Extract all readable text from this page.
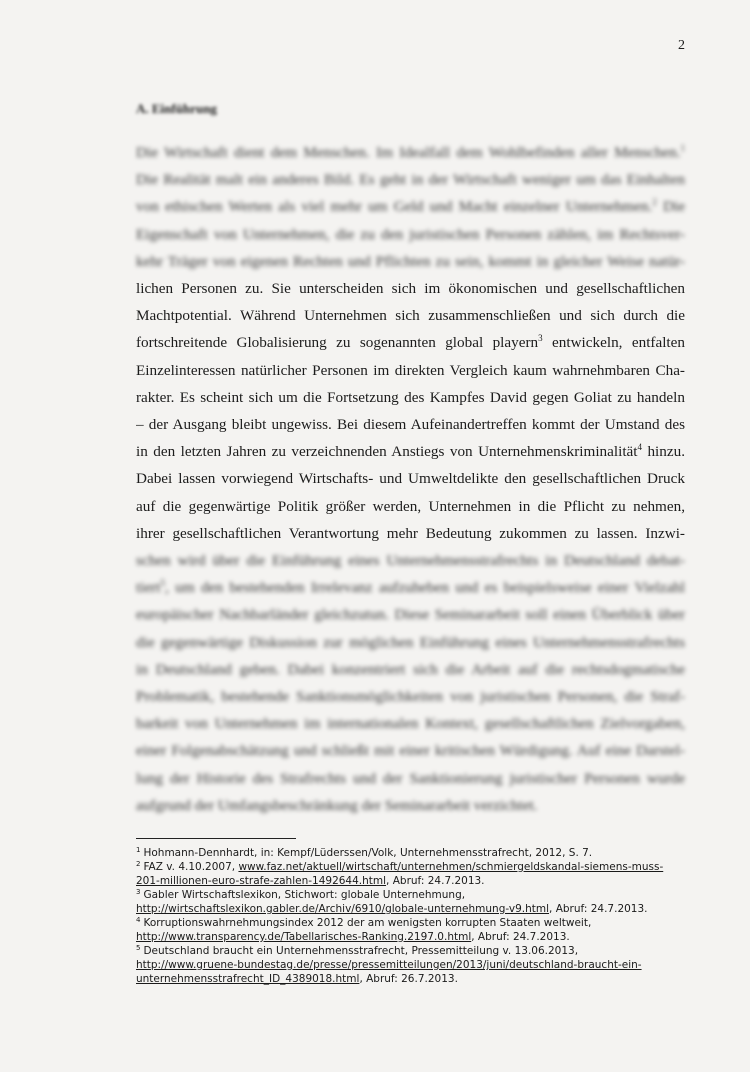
2
A. Einführung
Die Wirtschaft dient dem Menschen. Im Idealfall dem Wohlbefinden aller Menschen.$^1$
Die Realität malt ein anderes Bild. Es geht in der Wirtschaft weniger um das Einhalten
von ethischen Werten als viel mehr um Geld und Macht einzelner Unternehmen.$^2$ Die
Eigenschaft von Unternehmen, die zu den juristischen Personen zählen, im Rechtsver-
kehr Träger von eigenen Rechten und Pflichten zu sein, kommt in gleicher Weise natür-
lichen Personen zu. Sie unterscheiden sich im ökonomischen und gesellschaftlichen
Machtpotential. Während Unternehmen sich zusammenschließen und sich durch die
fortschreitende Globalisierung zu sogenannten global playern$^3$ entwickeln, entfalten
Einzelinteressen natürlicher Personen im direkten Vergleich kaum wahrnehmbaren Cha-
rakter. Es scheint sich um die Fortsetzung des Kampfes David gegen Goliat zu handeln
– der Ausgang bleibt ungewiss. Bei diesem Aufeinandertreffen kommt der Umstand des
in den letzten Jahren zu verzeichnenden Anstiegs von Unternehmenskriminalität$^4$ hinzu.
Dabei lassen vorwiegend Wirtschafts- und Umweltdelikte den gesellschaftlichen Druck
auf die gegenwärtige Politik größer werden, Unternehmen in die Pflicht zu nehmen,
ihrer gesellschaftlichen Verantwortung mehr Bedeutung zukommen zu lassen. Inzwi-
schen wird über die Einführung eines Unternehmensstrafrechts in Deutschland debat-
tiert$^5$, um den bestehenden Irrelevanz aufzuheben und es beispielsweise einer Vielzahl
europäischer Nachbarländer gleichzutun. Diese Seminararbeit soll einen Überblick über
die gegenwärtige Diskussion zur möglichen Einführung eines Unternehmensstrafrechts
in Deutschland geben. Dabei konzentriert sich die Arbeit auf die rechtsdogmatische
Problematik, bestehende Sanktionsmöglichkeiten von juristischen Personen, die Straf-
barkeit von Unternehmen im internationalen Kontext, gesellschaftlichen Zielvorgaben,
einer Folgenabschätzung und schließt mit einer kritischen Würdigung. Auf eine Darstel-
lung der Historie des Strafrechts und der Sanktionierung juristischer Personen wurde
aufgrund der Umfangsbeschränkung der Seminararbeit verzichtet.
$^1$ Hohmann-Dennhardt, in: Kempf/Lüderssen/Volk, Unternehmensstrafrecht, 2012, S. 7.
$^2$ FAZ v. 4.10.2007, www.faz.net/aktuell/wirtschaft/unternehmen/schmiergeldskandal-siemens-muss-
201-millionen-euro-strafe-zahlen-1492644.html, Abruf: 24.7.2013.
$^3$ Gabler Wirtschaftslexikon, Stichwort: globale Unternehmung,
http://wirtschaftslexikon.gabler.de/Archiv/6910/globale-unternehmung-v9.html, Abruf: 24.7.2013.
$^4$ Korruptionswahrnehmungsindex 2012 der am wenigsten korrupten Staaten weltweit,
http://www.transparency.de/Tabellarisches-Ranking.2197.0.html, Abruf: 24.7.2013.
$^5$ Deutschland braucht ein Unternehmensstrafrecht, Pressemitteilung v. 13.06.2013,
http://www.gruene-bundestag.de/presse/pressemitteilungen/2013/juni/deutschland-braucht-ein-
unternehmensstrafrecht_ID_4389018.html, Abruf: 26.7.2013.
